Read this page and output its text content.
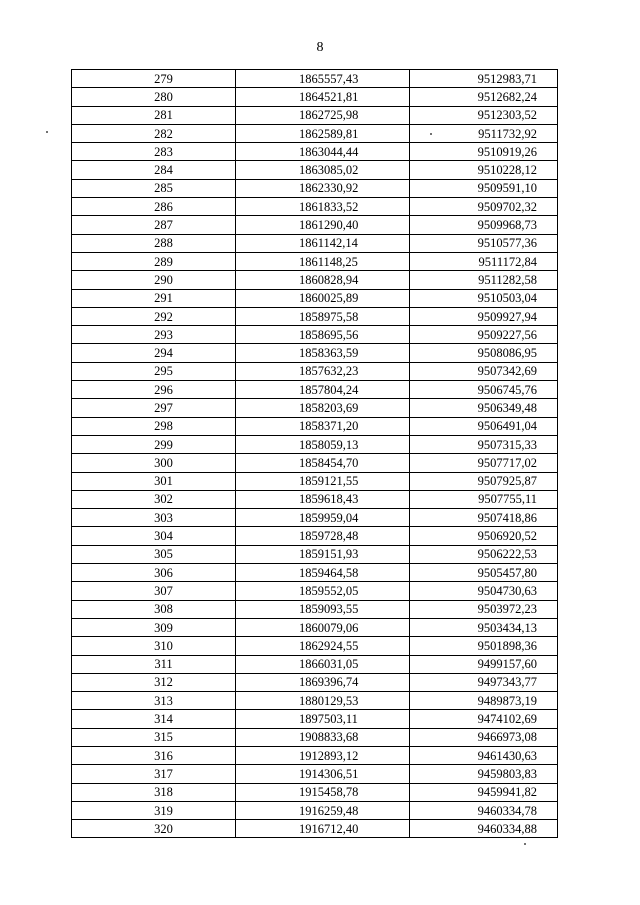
8
279	1865557,43	9512983,71
280	1864521,81	9512682,24
281	1862725,98	9512303,52
282	1862589,81	9511732,92
283	1863044,44	9510919,26
284	1863085,02	9510228,12
285	1862330,92	9509591,10
286	1861833,52	9509702,32
287	1861290,40	9509968,73
288	1861142,14	9510577,36
289	1861148,25	9511172,84
290	1860828,94	9511282,58
291	1860025,89	9510503,04
292	1858975,58	9509927,94
293	1858695,56	9509227,56
294	1858363,59	9508086,95
295	1857632,23	9507342,69
296	1857804,24	9506745,76
297	1858203,69	9506349,48
298	1858371,20	9506491,04
299	1858059,13	9507315,33
300	1858454,70	9507717,02
301	1859121,55	9507925,87
302	1859618,43	9507755,11
303	1859959,04	9507418,86
304	1859728,48	9506920,52
305	1859151,93	9506222,53
306	1859464,58	9505457,80
307	1859552,05	9504730,63
308	1859093,55	9503972,23
309	1860079,06	9503434,13
310	1862924,55	9501898,36
311	1866031,05	9499157,60
312	1869396,74	9497343,77
313	1880129,53	9489873,19
314	1897503,11	9474102,69
315	1908833,68	9466973,08
316	1912893,12	9461430,63
317	1914306,51	9459803,83
318	1915458,78	9459941,82
319	1916259,48	9460334,78
320	1916712,40	9460334,88
